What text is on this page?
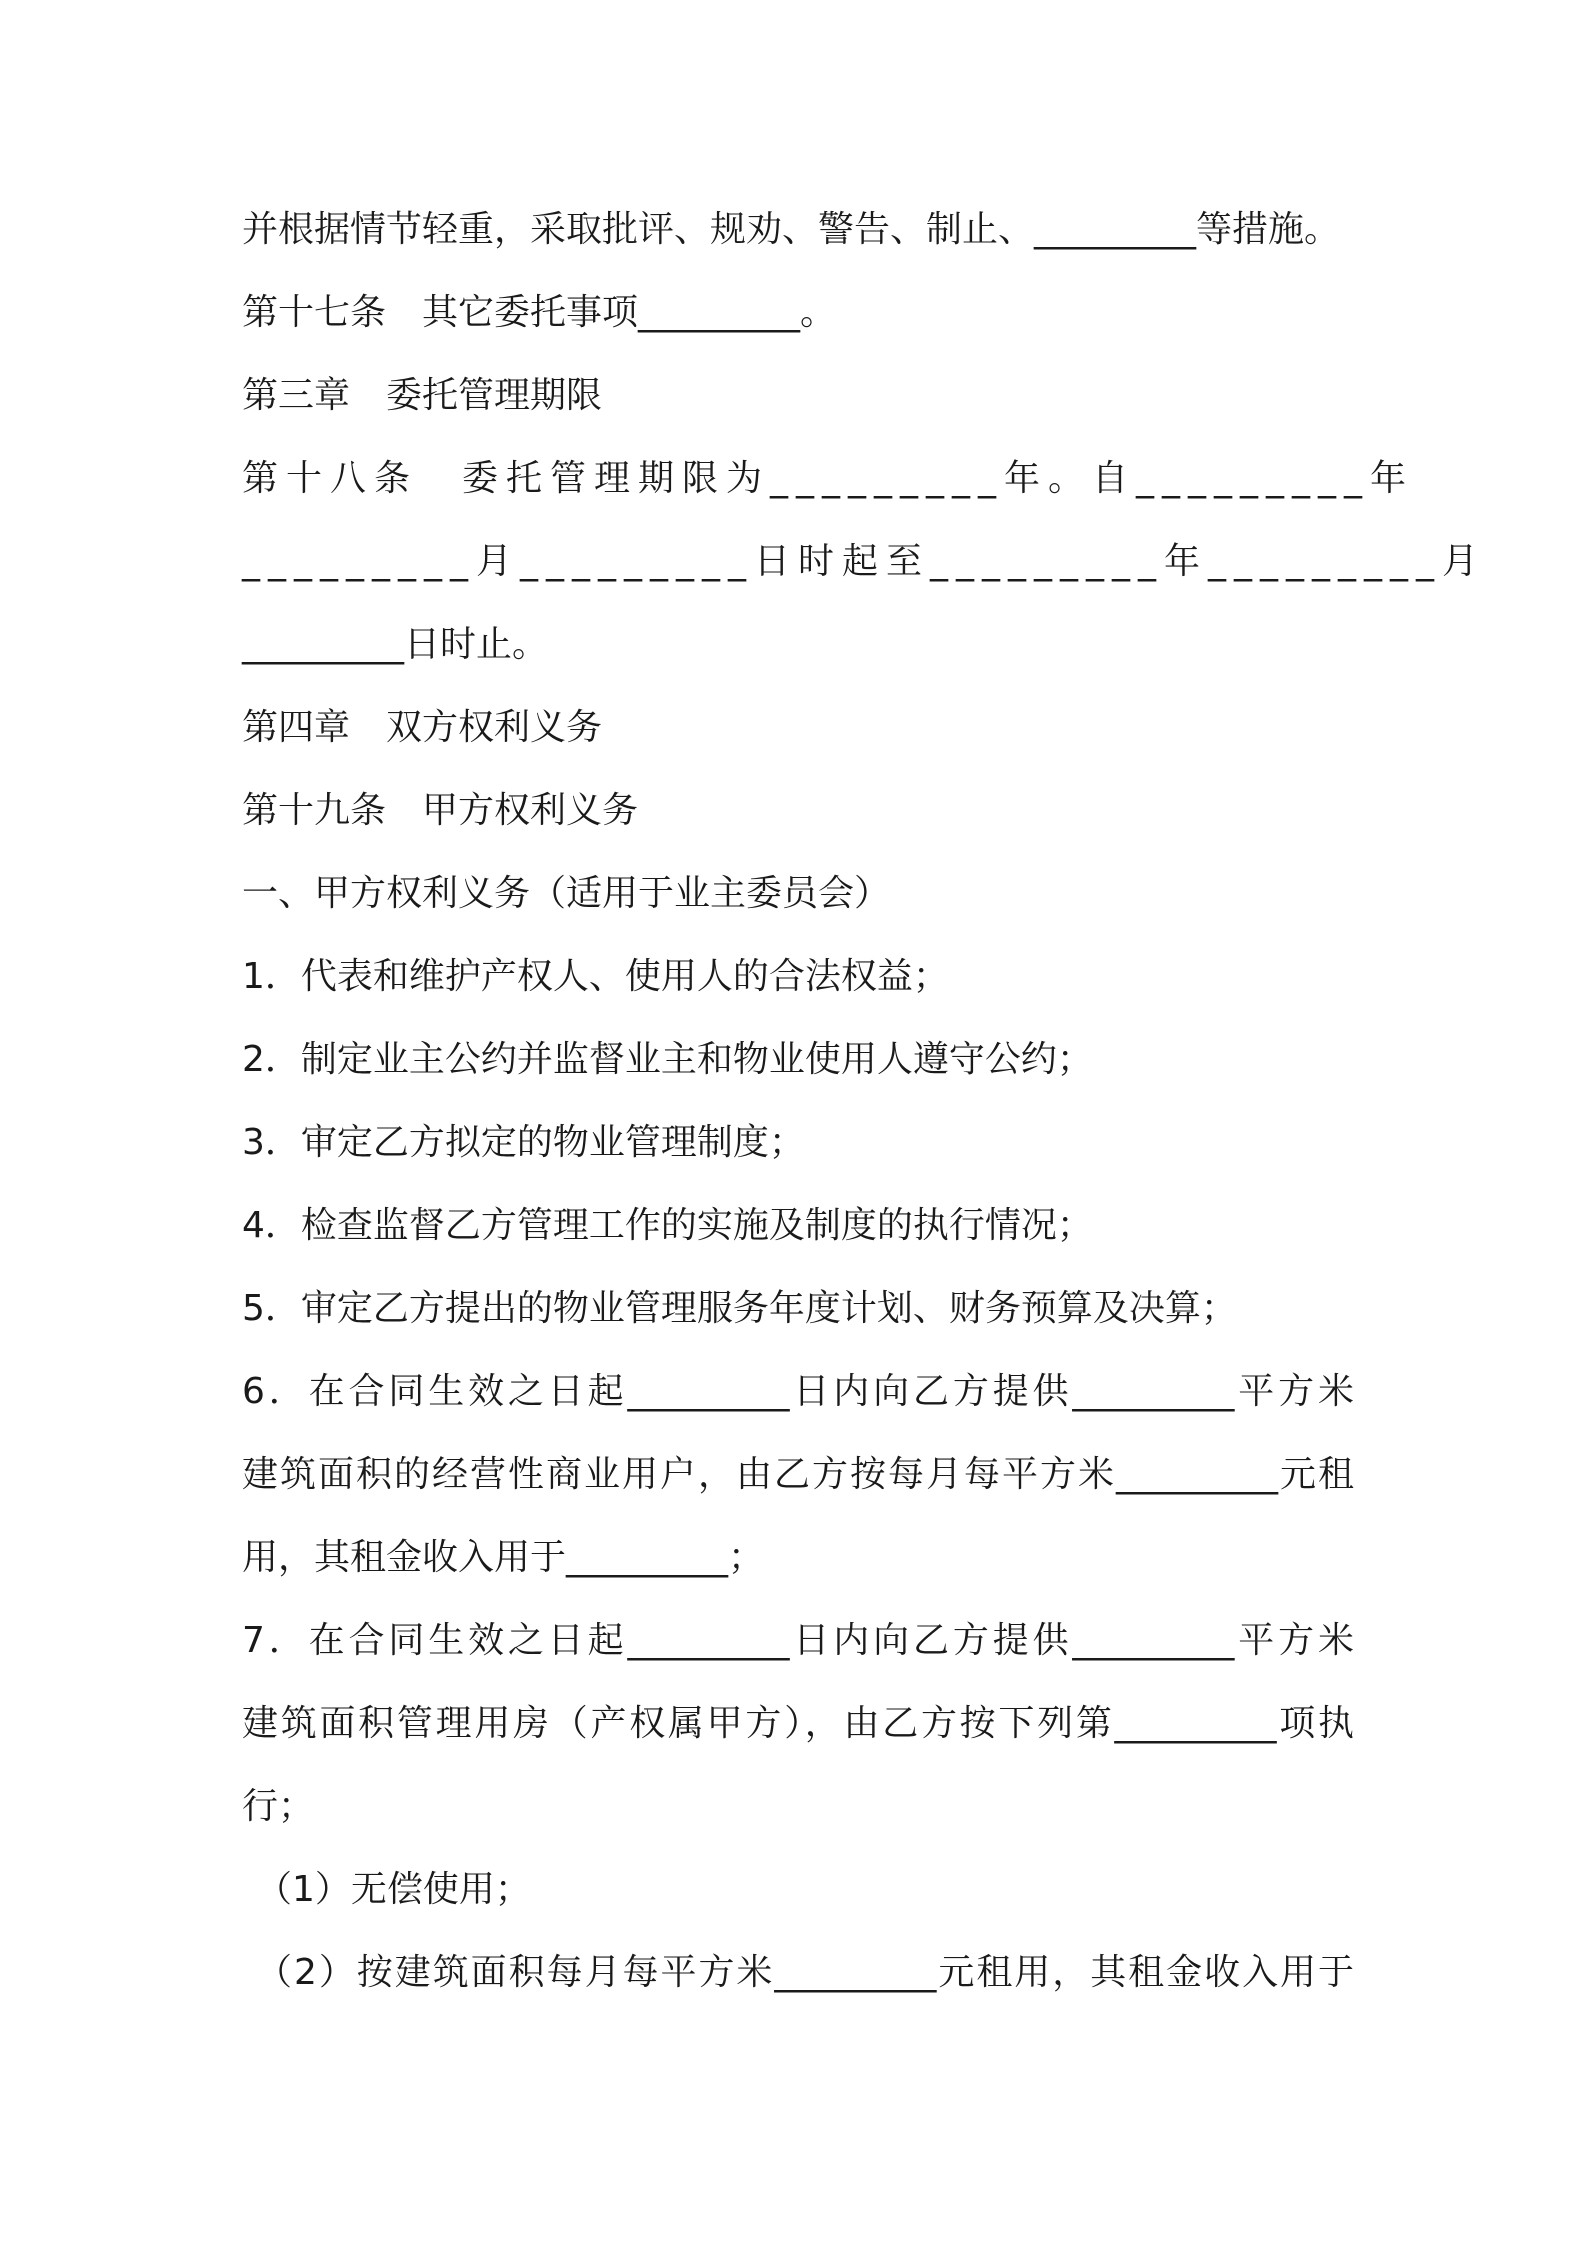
并根据情节轻重，采取批评、规劝、警告、制止、_________等措施。
第十七条　其它委托事项_________。
第三章　委托管理期限
第十八条　委托管理期限为_________年。自_________年
_________月_________日时起至_________年_________月
_________日时止。
第四章　双方权利义务
第十九条　甲方权利义务
一、甲方权利义务（适用于业主委员会）
1．代表和维护产权人、使用人的合法权益；
2．制定业主公约并监督业主和物业使用人遵守公约；
3．审定乙方拟定的物业管理制度；
4．检查监督乙方管理工作的实施及制度的执行情况；
5．审定乙方提出的物业管理服务年度计划、财务预算及决算；
6．在合同生效之日起_________日内向乙方提供_________平方米
建筑面积的经营性商业用户，由乙方按每月每平方米_________元租
用，其租金收入用于_________；
7．在合同生效之日起_________日内向乙方提供_________平方米
建筑面积管理用房（产权属甲方），由乙方按下列第_________项执
行；
（1）无偿使用；
（2）按建筑面积每月每平方米_________元租用，其租金收入用于
